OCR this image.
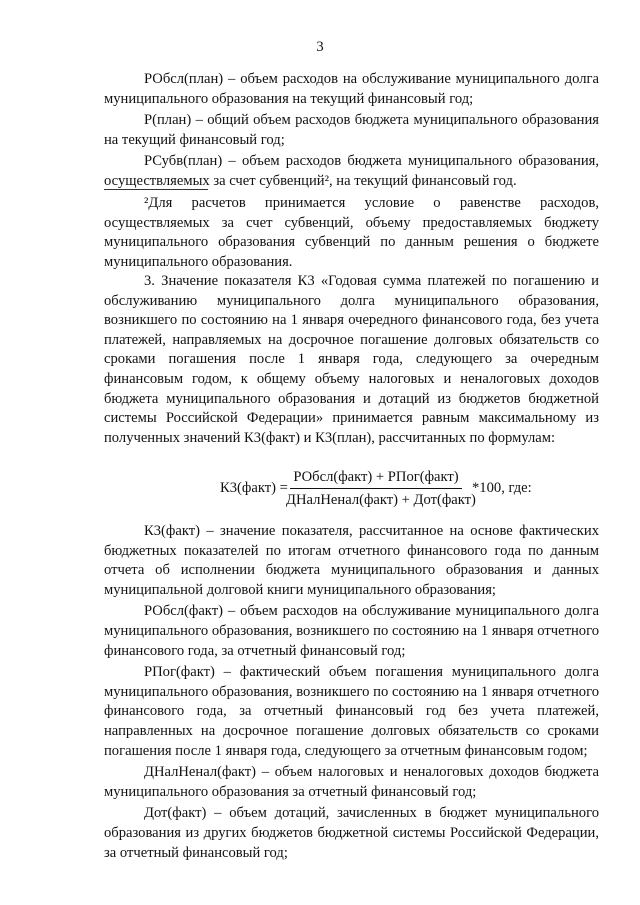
3

РОбсл(план) – объем расходов на обслуживание муниципального долга муниципального образования на текущий финансовый год;

Р(план) – общий объем расходов бюджета муниципального образования на текущий финансовый год;

РСубв(план) – объем расходов бюджета муниципального образования, осуществляемых за счет субвенций², на текущий финансовый год.

²Для расчетов принимается условие о равенстве расходов, осуществляемых за счет субвенций, объему предоставляемых бюджету муниципального образования субвенций по данным решения о бюджете муниципального образования.

3. Значение показателя К3 «Годовая сумма платежей по погашению и обслуживанию муниципального долга муниципального образования, возникшего по состоянию на 1 января очередного финансового года, без учета платежей, направляемых на досрочное погашение долговых обязательств со сроками погашения после 1 января года, следующего за очередным финансовым годом, к общему объему налоговых и неналоговых доходов бюджета муниципального образования и дотаций из бюджетов бюджетной системы Российской Федерации» принимается равным максимальному из полученных значений К3(факт) и К3(план), рассчитанных по формулам:

К3(факт) =
РОбсл(факт) + РПог(факт)
ДНалНенал(факт) + Дот(факт)
*100, где:

К3(факт) – значение показателя, рассчитанное на основе фактических бюджетных показателей по итогам отчетного финансового года по данным отчета об исполнении бюджета муниципального образования и данных муниципальной долговой книги муниципального образования;

РОбсл(факт) – объем расходов на обслуживание муниципального долга муниципального образования, возникшего по состоянию на 1 января отчетного финансового года, за отчетный финансовый год;

РПог(факт) – фактический объем погашения муниципального долга муниципального образования, возникшего по состоянию на 1 января отчетного финансового года, за отчетный финансовый год без учета платежей, направленных на досрочное погашение долговых обязательств со сроками погашения после 1 января года, следующего за отчетным финансовым годом;

ДНалНенал(факт) – объем налоговых и неналоговых доходов бюджета муниципального образования за отчетный финансовый год;

Дот(факт) – объем дотаций, зачисленных в бюджет муниципального образования из других бюджетов бюджетной системы Российской Федерации, за отчетный финансовый год;
